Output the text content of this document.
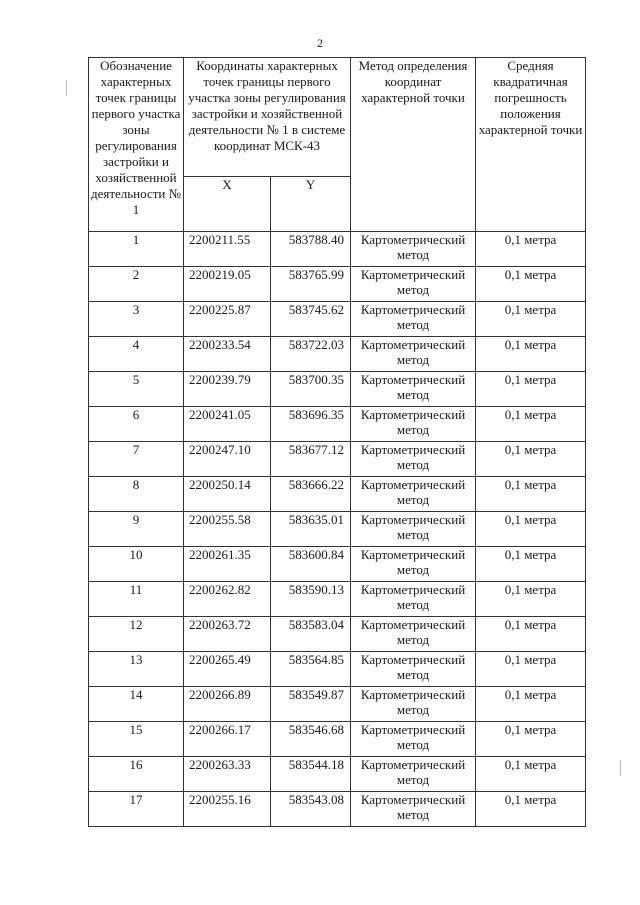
2
Обозначение характерных точек границы первого участка зоны регулирования застройки и хозяйственной деятельности № 1	Координаты характерных точек границы первого участка зоны регулирования застройки и хозяйственной деятельности № 1 в системе координат МСК-43		Метод определения координат характерной точки	Средняя квадратичная погрешность положения характерной точки
	X	Y		
1	2200211.55	583788.40	Картометрический метод	0,1 метра
2	2200219.05	583765.99	Картометрический метод	0,1 метра
3	2200225.87	583745.62	Картометрический метод	0,1 метра
4	2200233.54	583722.03	Картометрический метод	0,1 метра
5	2200239.79	583700.35	Картометрический метод	0,1 метра
6	2200241.05	583696.35	Картометрический метод	0,1 метра
7	2200247.10	583677.12	Картометрический метод	0,1 метра
8	2200250.14	583666.22	Картометрический метод	0,1 метра
9	2200255.58	583635.01	Картометрический метод	0,1 метра
10	2200261.35	583600.84	Картометрический метод	0,1 метра
11	2200262.82	583590.13	Картометрический метод	0,1 метра
12	2200263.72	583583.04	Картометрический метод	0,1 метра
13	2200265.49	583564.85	Картометрический метод	0,1 метра
14	2200266.89	583549.87	Картометрический метод	0,1 метра
15	2200266.17	583546.68	Картометрический метод	0,1 метра
16	2200263.33	583544.18	Картометрический метод	0,1 метра
17	2200255.16	583543.08	Картометрический метод	0,1 метра
